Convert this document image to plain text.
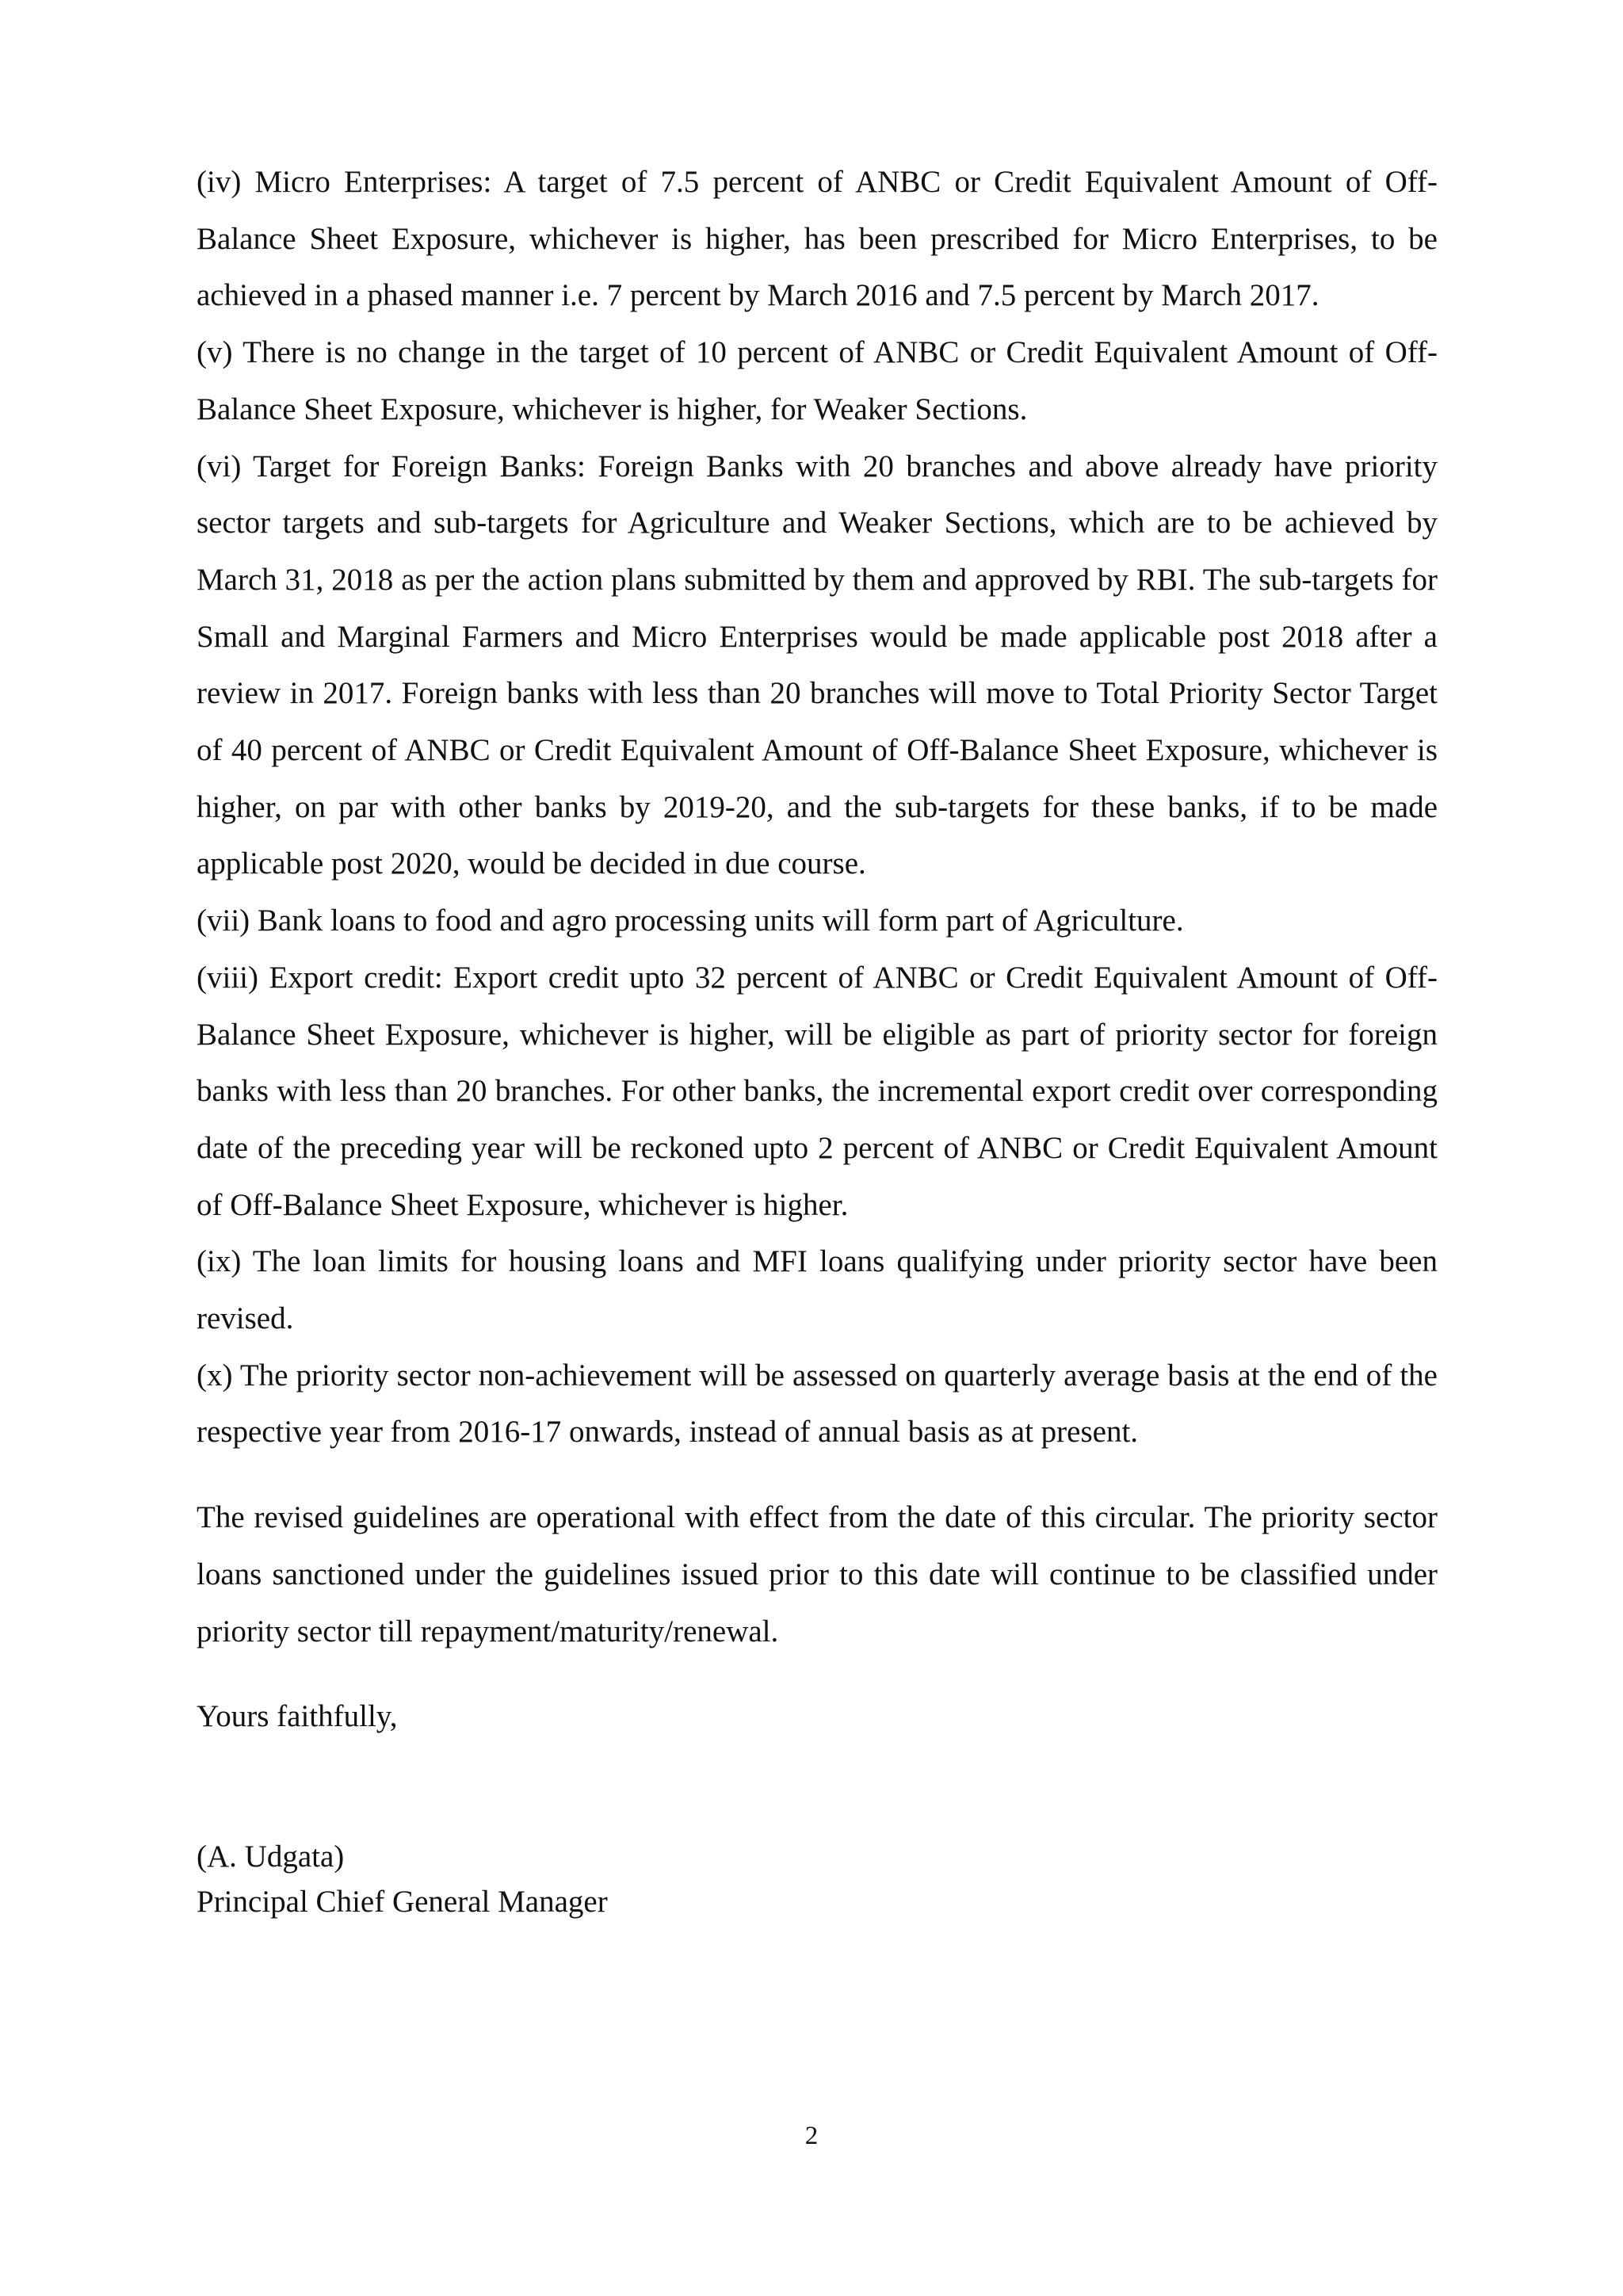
(iv) Micro Enterprises: A target of 7.5 percent of ANBC or Credit Equivalent Amount of Off-Balance Sheet Exposure, whichever is higher, has been prescribed for Micro Enterprises, to be achieved in a phased manner i.e. 7 percent by March 2016 and 7.5 percent by March 2017.

(v) There is no change in the target of 10 percent of ANBC or Credit Equivalent Amount of Off-Balance Sheet Exposure, whichever is higher, for Weaker Sections.

(vi) Target for Foreign Banks: Foreign Banks with 20 branches and above already have priority sector targets and sub-targets for Agriculture and Weaker Sections, which are to be achieved by March 31, 2018 as per the action plans submitted by them and approved by RBI. The sub-targets for Small and Marginal Farmers and Micro Enterprises would be made applicable post 2018 after a review in 2017. Foreign banks with less than 20 branches will move to Total Priority Sector Target of 40 percent of ANBC or Credit Equivalent Amount of Off-Balance Sheet Exposure, whichever is higher, on par with other banks by 2019-20, and the sub-targets for these banks, if to be made applicable post 2020, would be decided in due course.

(vii) Bank loans to food and agro processing units will form part of Agriculture.

(viii) Export credit: Export credit upto 32 percent of ANBC or Credit Equivalent Amount of Off-Balance Sheet Exposure, whichever is higher, will be eligible as part of priority sector for foreign banks with less than 20 branches. For other banks, the incremental export credit over corresponding date of the preceding year will be reckoned upto 2 percent of ANBC or Credit Equivalent Amount of Off-Balance Sheet Exposure, whichever is higher.

(ix) The loan limits for housing loans and MFI loans qualifying under priority sector have been revised.

(x) The priority sector non-achievement will be assessed on quarterly average basis at the end of the respective year from 2016-17 onwards, instead of annual basis as at present.

The revised guidelines are operational with effect from the date of this circular. The priority sector loans sanctioned under the guidelines issued prior to this date will continue to be classified under priority sector till repayment/maturity/renewal.

Yours faithfully,

(A. Udgata)
Principal Chief General Manager
2
